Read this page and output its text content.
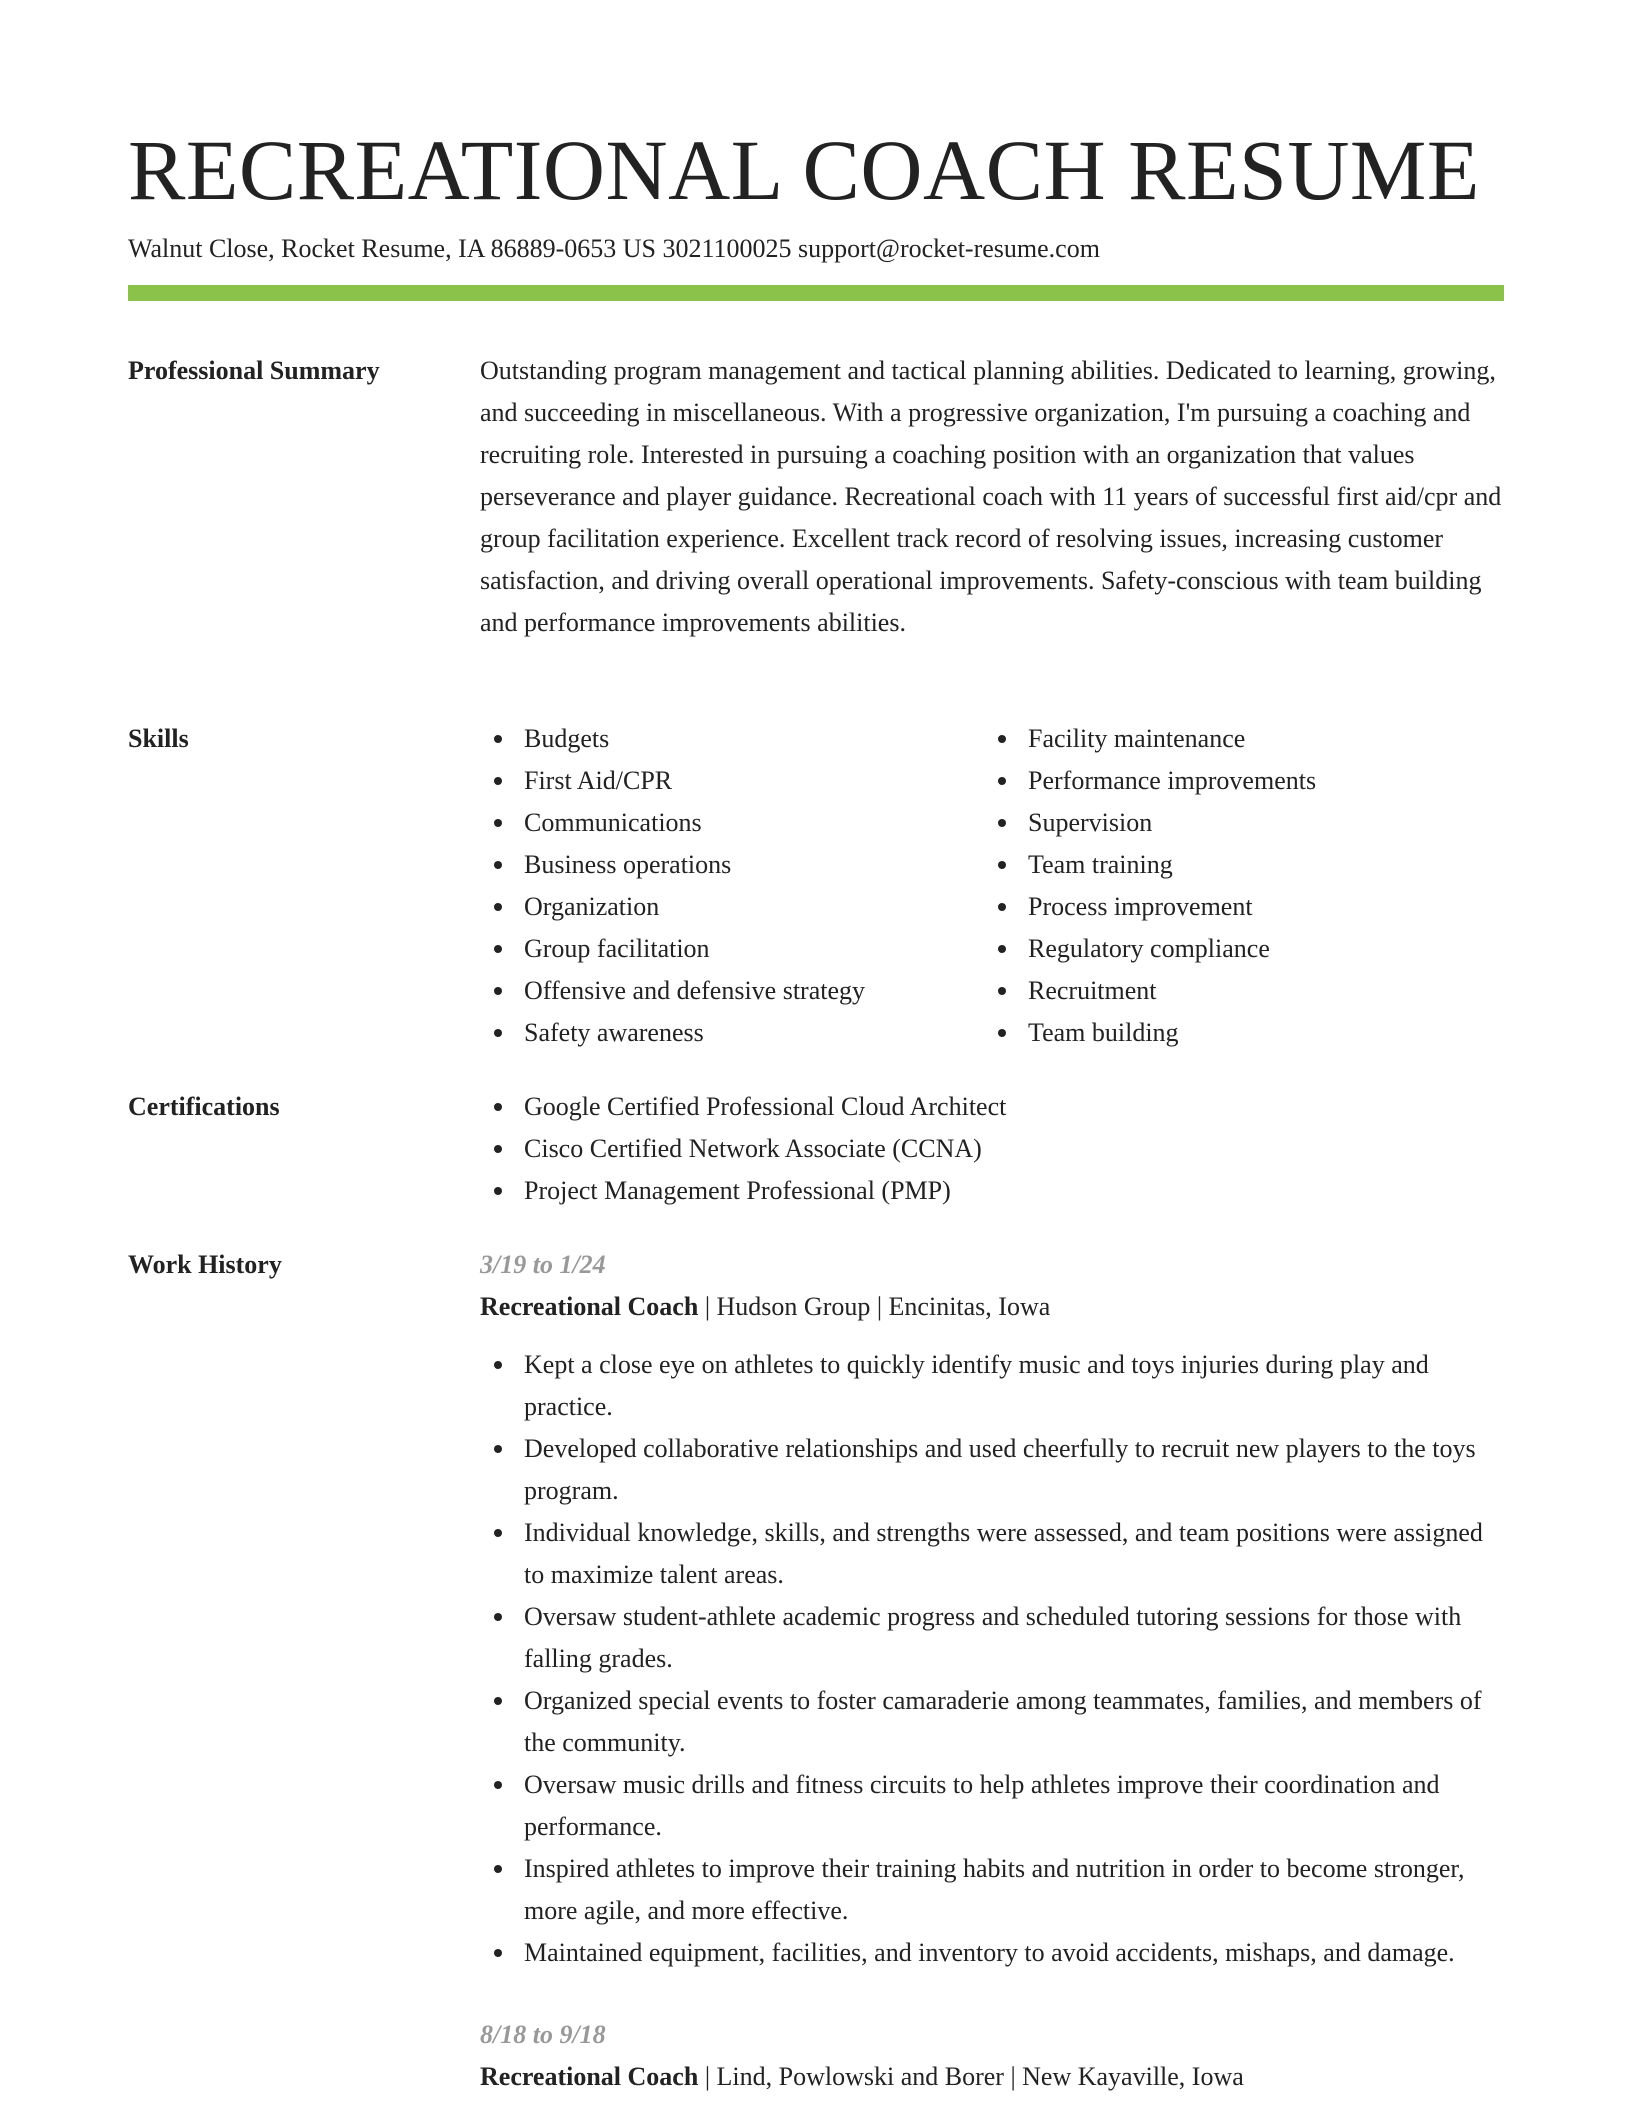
RECREATIONAL COACH RESUME
Walnut Close, Rocket Resume, IA 86889-0653 US 3021100025 support@rocket-resume.com
Professional Summary	Outstanding program management and tactical planning abilities. Dedicated to learning, growing, and succeeding in miscellaneous. With a progressive organization, I'm pursuing a coaching and recruiting role. Interested in pursuing a coaching position with an organization that values perseverance and player guidance. Recreational coach with 11 years of successful first aid/cpr and group facilitation experience. Excellent track record of resolving issues, increasing customer satisfaction, and driving overall operational improvements. Safety-conscious with team building and performance improvements abilities.

Skills	Budgets
First Aid/CPR
Communications
Business operations
Organization
Group facilitation
Offensive and defensive strategy
Safety awareness
Facility maintenance
Performance improvements
Supervision
Team training
Process improvement
Regulatory compliance
Recruitment
Team building
Certifications	Google Certified Professional Cloud Architect
Cisco Certified Network Associate (CCNA)
Project Management Professional (PMP)
Work History	3/19 to 1/24
Recreational Coach | Hudson Group | Encinitas, Iowa
Kept a close eye on athletes to quickly identify music and toys injuries during play and practice.
Developed collaborative relationships and used cheerfully to recruit new players to the toys program.
Individual knowledge, skills, and strengths were assessed, and team positions were assigned to maximize talent areas.
Oversaw student-athlete academic progress and scheduled tutoring sessions for those with falling grades.
Organized special events to foster camaraderie among teammates, families, and members of the community.
Oversaw music drills and fitness circuits to help athletes improve their coordination and performance.
Inspired athletes to improve their training habits and nutrition in order to become stronger, more agile, and more effective.
Maintained equipment, facilities, and inventory to avoid accidents, mishaps, and damage.
8/18 to 9/18
Recreational Coach | Lind, Powlowski and Borer | New Kayaville, Iowa
